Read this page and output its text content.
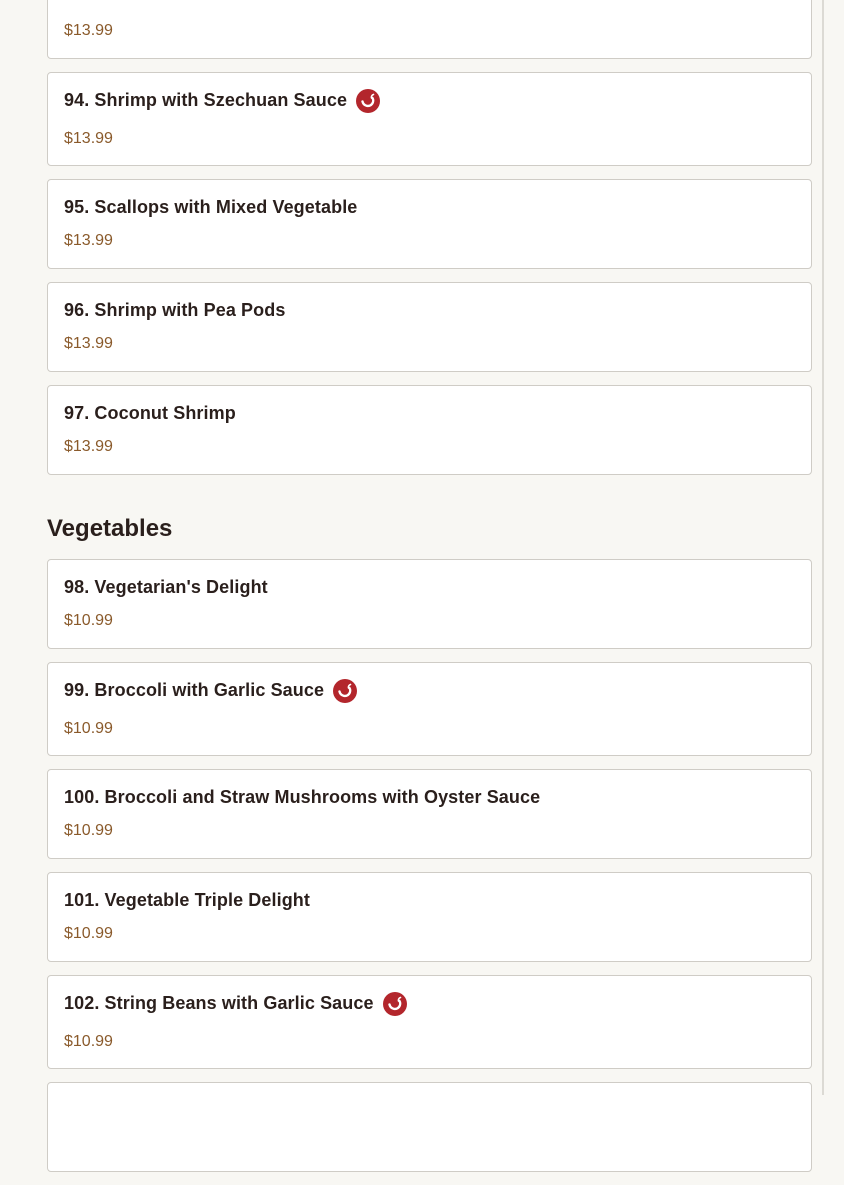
$13.99
94. Shrimp with Szechuan Sauce
$13.99
95. Scallops with Mixed Vegetable
$13.99
96. Shrimp with Pea Pods
$13.99
97. Coconut Shrimp
$13.99
Vegetables
98. Vegetarian's Delight
$10.99
99. Broccoli with Garlic Sauce
$10.99
100. Broccoli and Straw Mushrooms with Oyster Sauce
$10.99
101. Vegetable Triple Delight
$10.99
102. String Beans with Garlic Sauce
$10.99
